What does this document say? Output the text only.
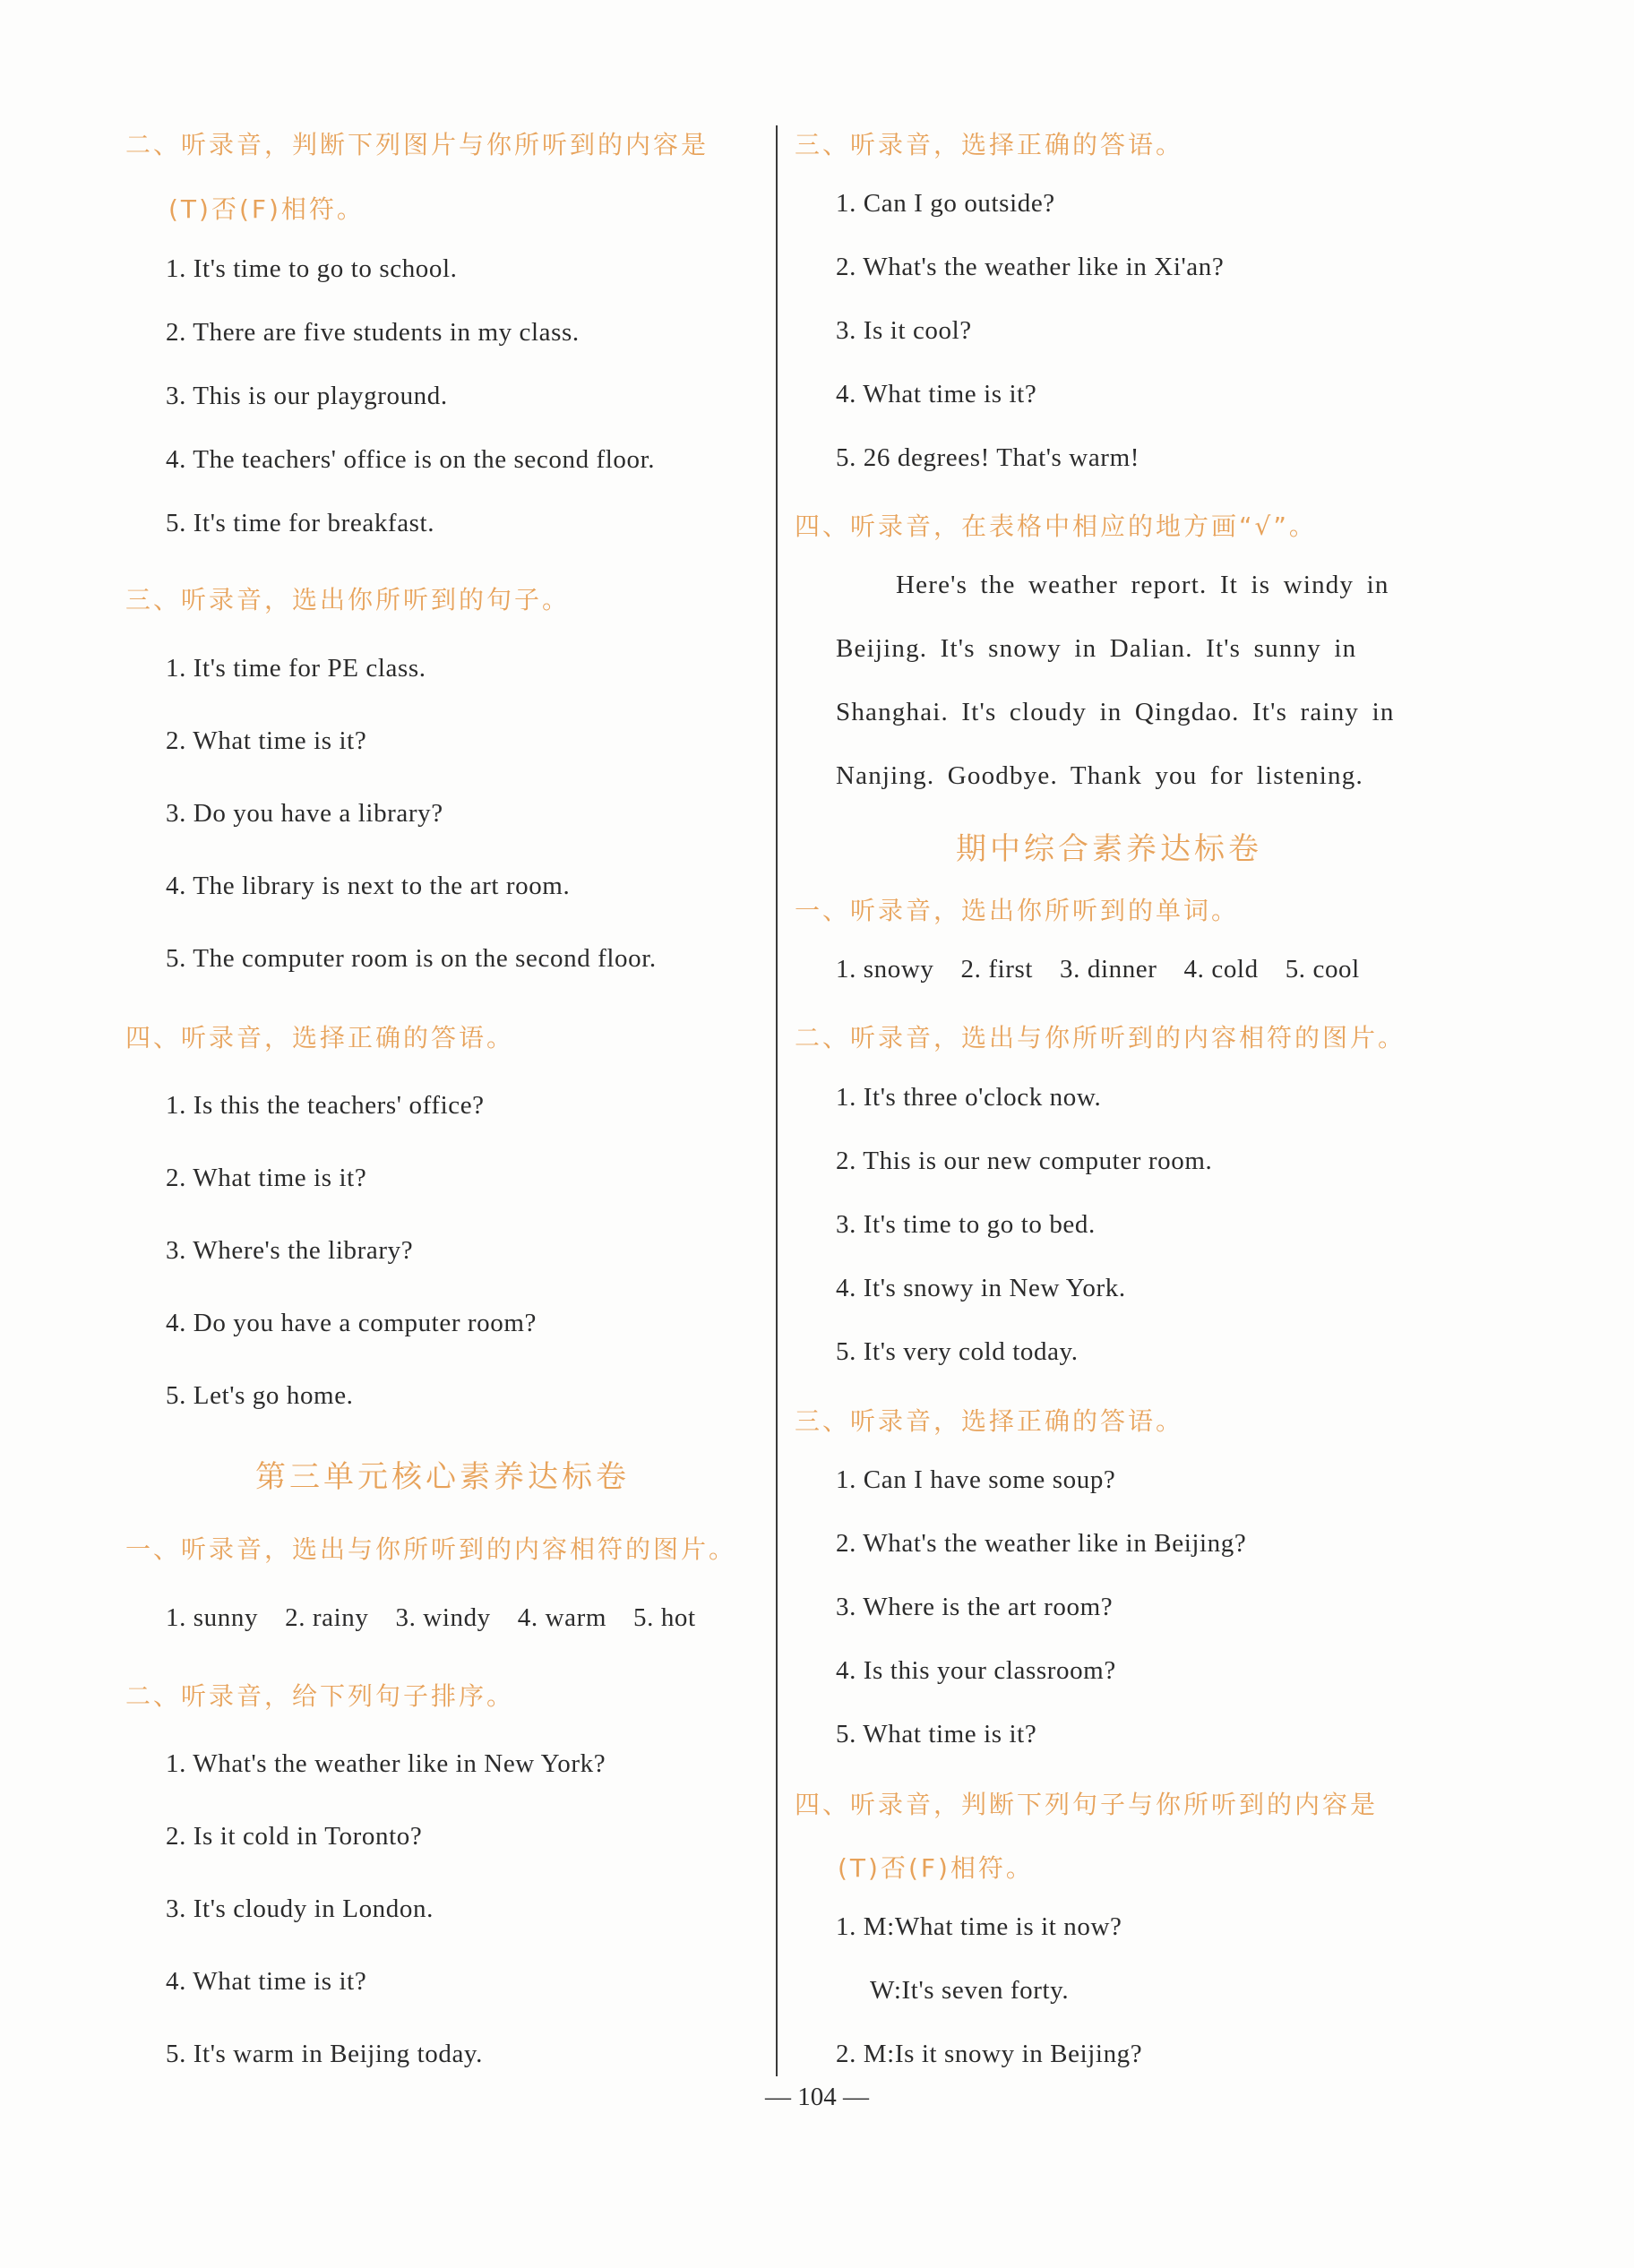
二、听录音，判断下列图片与你所听到的内容是
(T)否(F)相符。
1. It's time to go to school.
2. There are five students in my class.
3. This is our playground.
4. The teachers' office is on the second floor.
5. It's time for breakfast.
三、听录音，选出你所听到的句子。
1. It's time for PE class.
2. What time is it?
3. Do you have a library?
4. The library is next to the art room.
5. The computer room is on the second floor.
四、听录音，选择正确的答语。
1. Is this the teachers' office?
2. What time is it?
3. Where's the library?
4. Do you have a computer room?
5. Let's go home.
第三单元核心素养达标卷
一、听录音，选出与你所听到的内容相符的图片。
1. sunny 2. rainy 3. windy 4. warm 5. hot
二、听录音，给下列句子排序。
1. What's the weather like in New York?
2. Is it cold in Toronto?
3. It's cloudy in London.
4. What time is it?
5. It's warm in Beijing today.
三、听录音，选择正确的答语。
1. Can I go outside?
2. What's the weather like in Xi'an?
3. Is it cool?
4. What time is it?
5. 26 degrees! That's warm!
四、听录音，在表格中相应的地方画“√”。
Here's the weather report. It is windy in
Beijing. It's snowy in Dalian. It's sunny in
Shanghai. It's cloudy in Qingdao. It's rainy in
Nanjing. Goodbye. Thank you for listening.
期中综合素养达标卷
一、听录音，选出你所听到的单词。
1. snowy 2. first 3. dinner 4. cold 5. cool
二、听录音，选出与你所听到的内容相符的图片。
1. It's three o'clock now.
2. This is our new computer room.
3. It's time to go to bed.
4. It's snowy in New York.
5. It's very cold today.
三、听录音，选择正确的答语。
1. Can I have some soup?
2. What's the weather like in Beijing?
3. Where is the art room?
4. Is this your classroom?
5. What time is it?
四、听录音，判断下列句子与你所听到的内容是
(T)否(F)相符。
1. M:What time is it now?
W:It's seven forty.
2. M:Is it snowy in Beijing?
— 104 —
